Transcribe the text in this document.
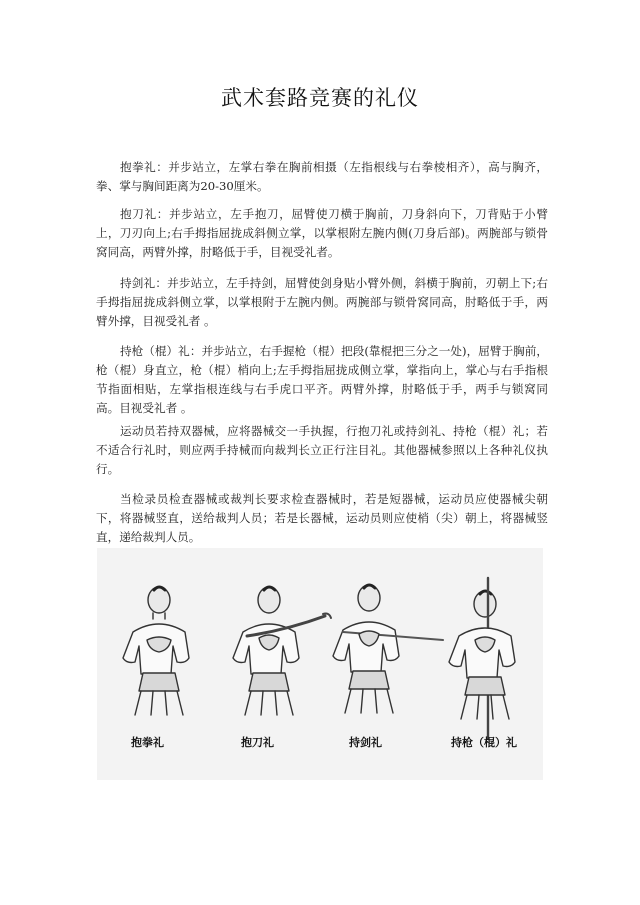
武术套路竞赛的礼仪

抱拳礼：并步站立，左掌右拳在胸前相摄（左指根线与右拳棱相齐），高与胸齐，拳、掌与胸间距离为20-30厘米。

抱刀礼：并步站立，左手抱刀，屈臂使刀横于胸前，刀身斜向下，刀背贴于小臂上，刀刃向上;右手拇指屈拢成斜侧立掌，以掌根附左腕内侧(刀身后部)。两腕部与锁骨窝同高，两臂外撑，肘略低于手，目视受礼者。

持剑礼：并步站立，左手持剑，屈臂使剑身贴小臂外侧，斜横于胸前，刃朝上下;右手拇指屈拢成斜侧立掌，以掌根附于左腕内侧。两腕部与锁骨窝同高，肘略低于手，两臂外撑，目视受礼者 。

持枪（棍）礼：并步站立，右手握枪（棍）把段(靠棍把三分之一处)，屈臂于胸前，枪（棍）身直立，枪（棍）梢向上;左手拇指屈拢成侧立掌，掌指向上，掌心与右手指根节指面相贴，左掌指根连线与右手虎口平齐。两臂外撑，肘略低于手，两手与锁窝同高。目视受礼者 。

运动员若持双器械，应将器械交一手执握，行抱刀礼或持剑礼、持枪（棍）礼；若不适合行礼时，则应两手持械而向裁判长立正行注目礼。其他器械参照以上各种礼仪执行。

当检录员检查器械或裁判长要求检查器械时，若是短器械，运动员应使器械尖朝下，将器械竖直，送给裁判人员；若是长器械，运动员则应使梢（尖）朝上，将器械竖直，递给裁判人员。

抱拳礼	抱刀礼	持剑礼	持枪（棍）礼
